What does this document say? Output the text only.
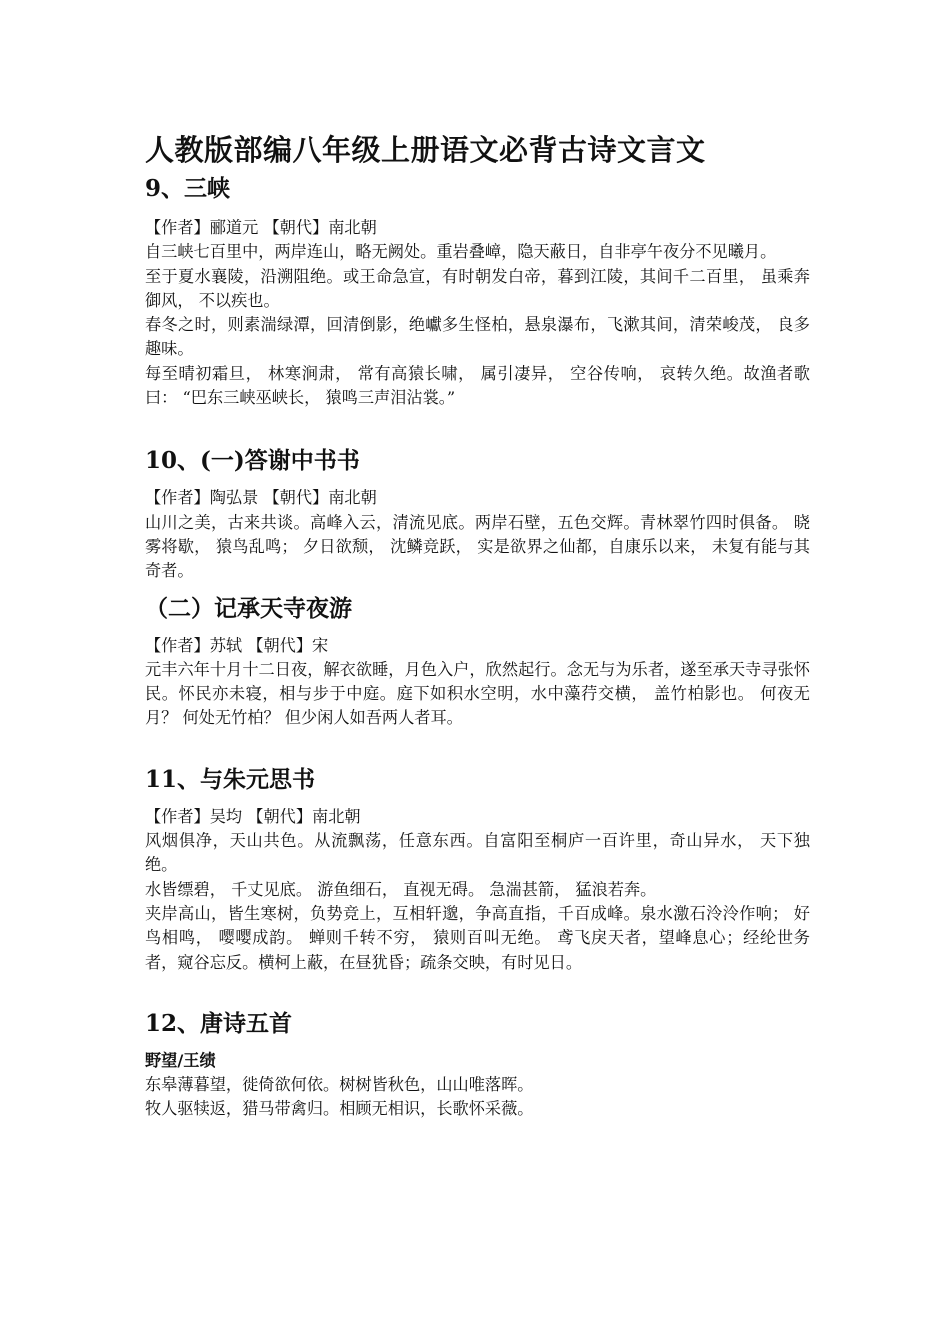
人教版部编八年级上册语文必背古诗文言文
9、三峡

【作者】郦道元 【朝代】南北朝

自三峡七百里中，两岸连山，略无阙处。重岩叠嶂，隐天蔽日，自非亭午夜分不见曦月。

至于夏水襄陵，沿溯阻绝。或王命急宣，有时朝发白帝，暮到江陵，其间千二百里， 虽乘奔御风， 不以疾也。

春冬之时，则素湍绿潭，回清倒影，绝巘多生怪柏，悬泉瀑布，飞漱其间，清荣峻茂， 良多趣味。

每至晴初霜旦， 林寒涧肃， 常有高猿长啸， 属引凄异， 空谷传响， 哀转久绝。故渔者歌曰： “巴东三峡巫峡长， 猿鸣三声泪沾裳。”

10、(一)答谢中书书

【作者】陶弘景 【朝代】南北朝

山川之美，古来共谈。高峰入云，清流见底。两岸石壁，五色交辉。青林翠竹四时俱备。 晓雾将歇， 猿鸟乱鸣； 夕日欲颓， 沈鳞竞跃， 实是欲界之仙都，自康乐以来， 未复有能与其奇者。

（二）记承天寺夜游

【作者】苏轼 【朝代】宋

元丰六年十月十二日夜，解衣欲睡，月色入户，欣然起行。念无与为乐者，遂至承天寺寻张怀民。怀民亦未寝，相与步于中庭。庭下如积水空明，水中藻荇交横， 盖竹柏影也。 何夜无月？ 何处无竹柏？ 但少闲人如吾两人者耳。

11、与朱元思书

【作者】吴均 【朝代】南北朝

风烟俱净，天山共色。从流飘荡，任意东西。自富阳至桐庐一百许里，奇山异水， 天下独绝。

水皆缥碧， 千丈见底。 游鱼细石， 直视无碍。 急湍甚箭， 猛浪若奔。

夹岸高山，皆生寒树，负势竞上，互相轩邈，争高直指，千百成峰。泉水激石泠泠作响； 好鸟相鸣， 嘤嘤成韵。 蝉则千转不穷， 猿则百叫无绝。 鸢飞戾天者，望峰息心；经纶世务者，窥谷忘反。横柯上蔽，在昼犹昏；疏条交映，有时见日。

12、唐诗五首

野望/王绩

东皋薄暮望，徙倚欲何依。树树皆秋色，山山唯落晖。

牧人驱犊返，猎马带禽归。相顾无相识，长歌怀采薇。
